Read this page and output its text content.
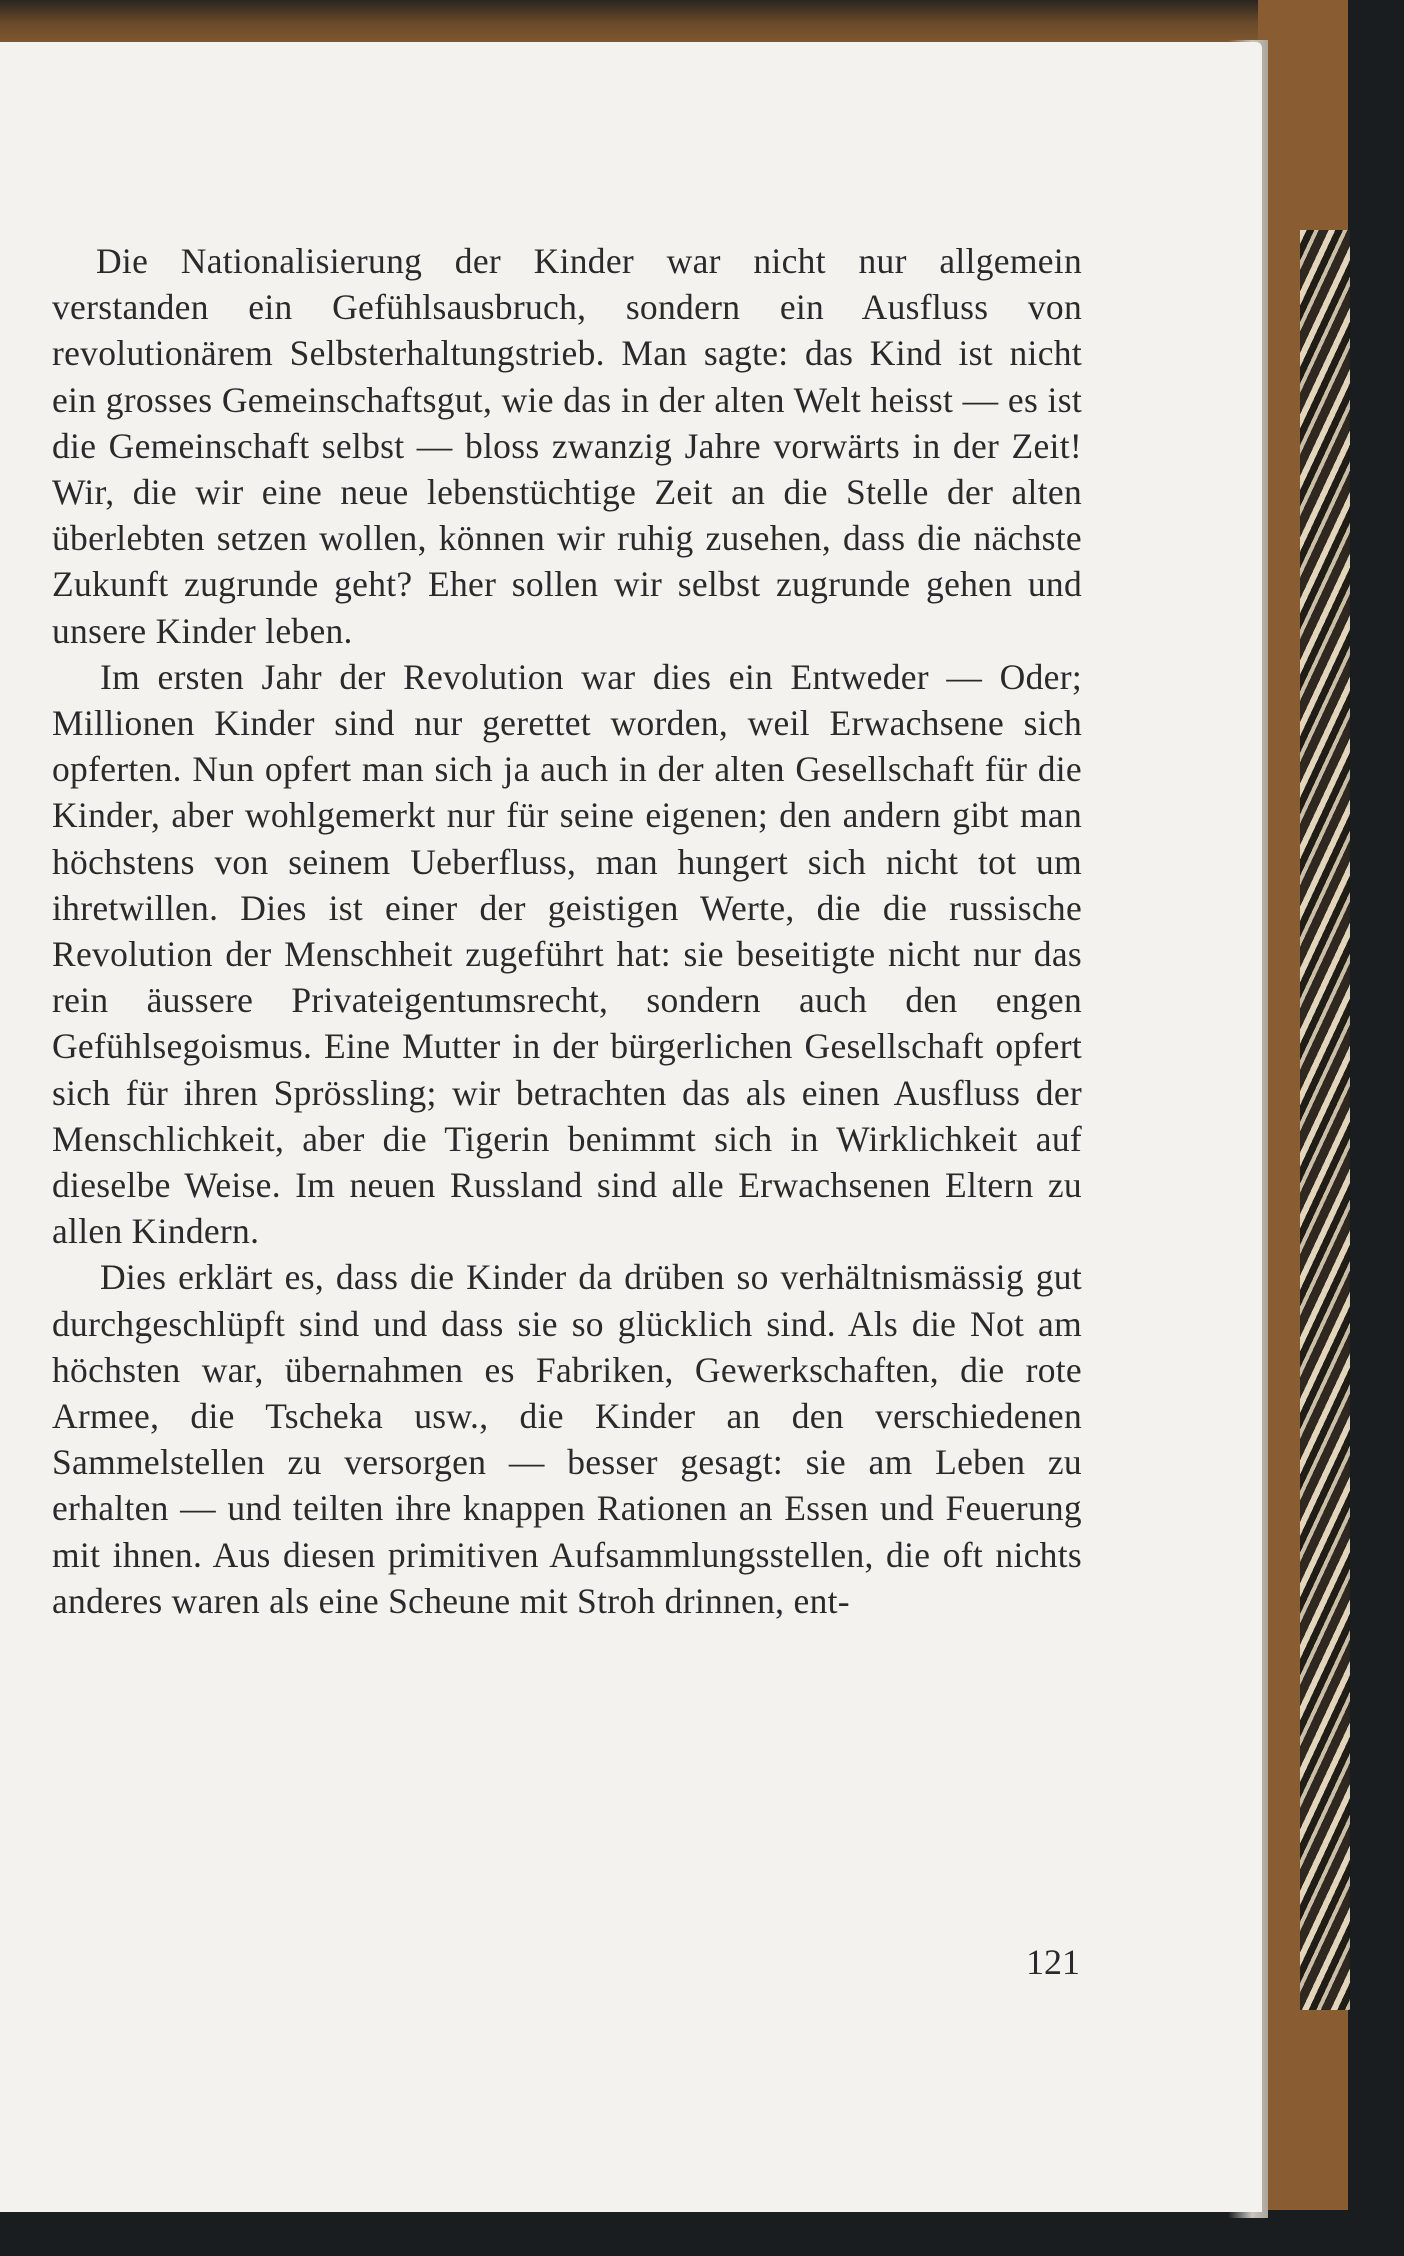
Die Nationalisierung der Kinder war nicht nur allgemein verstanden ein Gefühlsausbruch, sondern ein Ausfluss von revolutionärem Selbsterhaltungstrieb. Man sagte: das Kind ist nicht ein grosses Gemeinschaftsgut, wie das in der alten Welt heisst — es ist die Gemeinschaft selbst — bloss zwanzig Jahre vorwärts in der Zeit! Wir, die wir eine neue lebenstüchtige Zeit an die Stelle der alten überlebten setzen wollen, können wir ruhig zusehen, dass die nächste Zukunft zugrunde geht? Eher sollen wir selbst zugrunde gehen und unsere Kinder leben.

Im ersten Jahr der Revolution war dies ein Entweder — Oder; Millionen Kinder sind nur gerettet worden, weil Erwachsene sich opferten. Nun opfert man sich ja auch in der alten Gesellschaft für die Kinder, aber wohlgemerkt nur für seine eigenen; den andern gibt man höchstens von seinem Ueberfluss, man hungert sich nicht tot um ihretwillen. Dies ist einer der geistigen Werte, die die russische Revolution der Menschheit zugeführt hat: sie beseitigte nicht nur das rein äussere Privateigentumsrecht, sondern auch den engen Gefühlsegoismus. Eine Mutter in der bürgerlichen Gesellschaft opfert sich für ihren Sprössling; wir betrachten das als einen Ausfluss der Menschlichkeit, aber die Tigerin benimmt sich in Wirklichkeit auf dieselbe Weise. Im neuen Russland sind alle Erwachsenen Eltern zu allen Kindern.

Dies erklärt es, dass die Kinder da drüben so verhältnismässig gut durchgeschlüpft sind und dass sie so glücklich sind. Als die Not am höchsten war, übernahmen es Fabriken, Gewerkschaften, die rote Armee, die Tscheka usw., die Kinder an den verschiedenen Sammelstellen zu versorgen — besser gesagt: sie am Leben zu erhalten — und teilten ihre knappen Rationen an Essen und Feuerung mit ihnen. Aus diesen primitiven Aufsammlungsstellen, die oft nichts anderes waren als eine Scheune mit Stroh drinnen, ent-

121
